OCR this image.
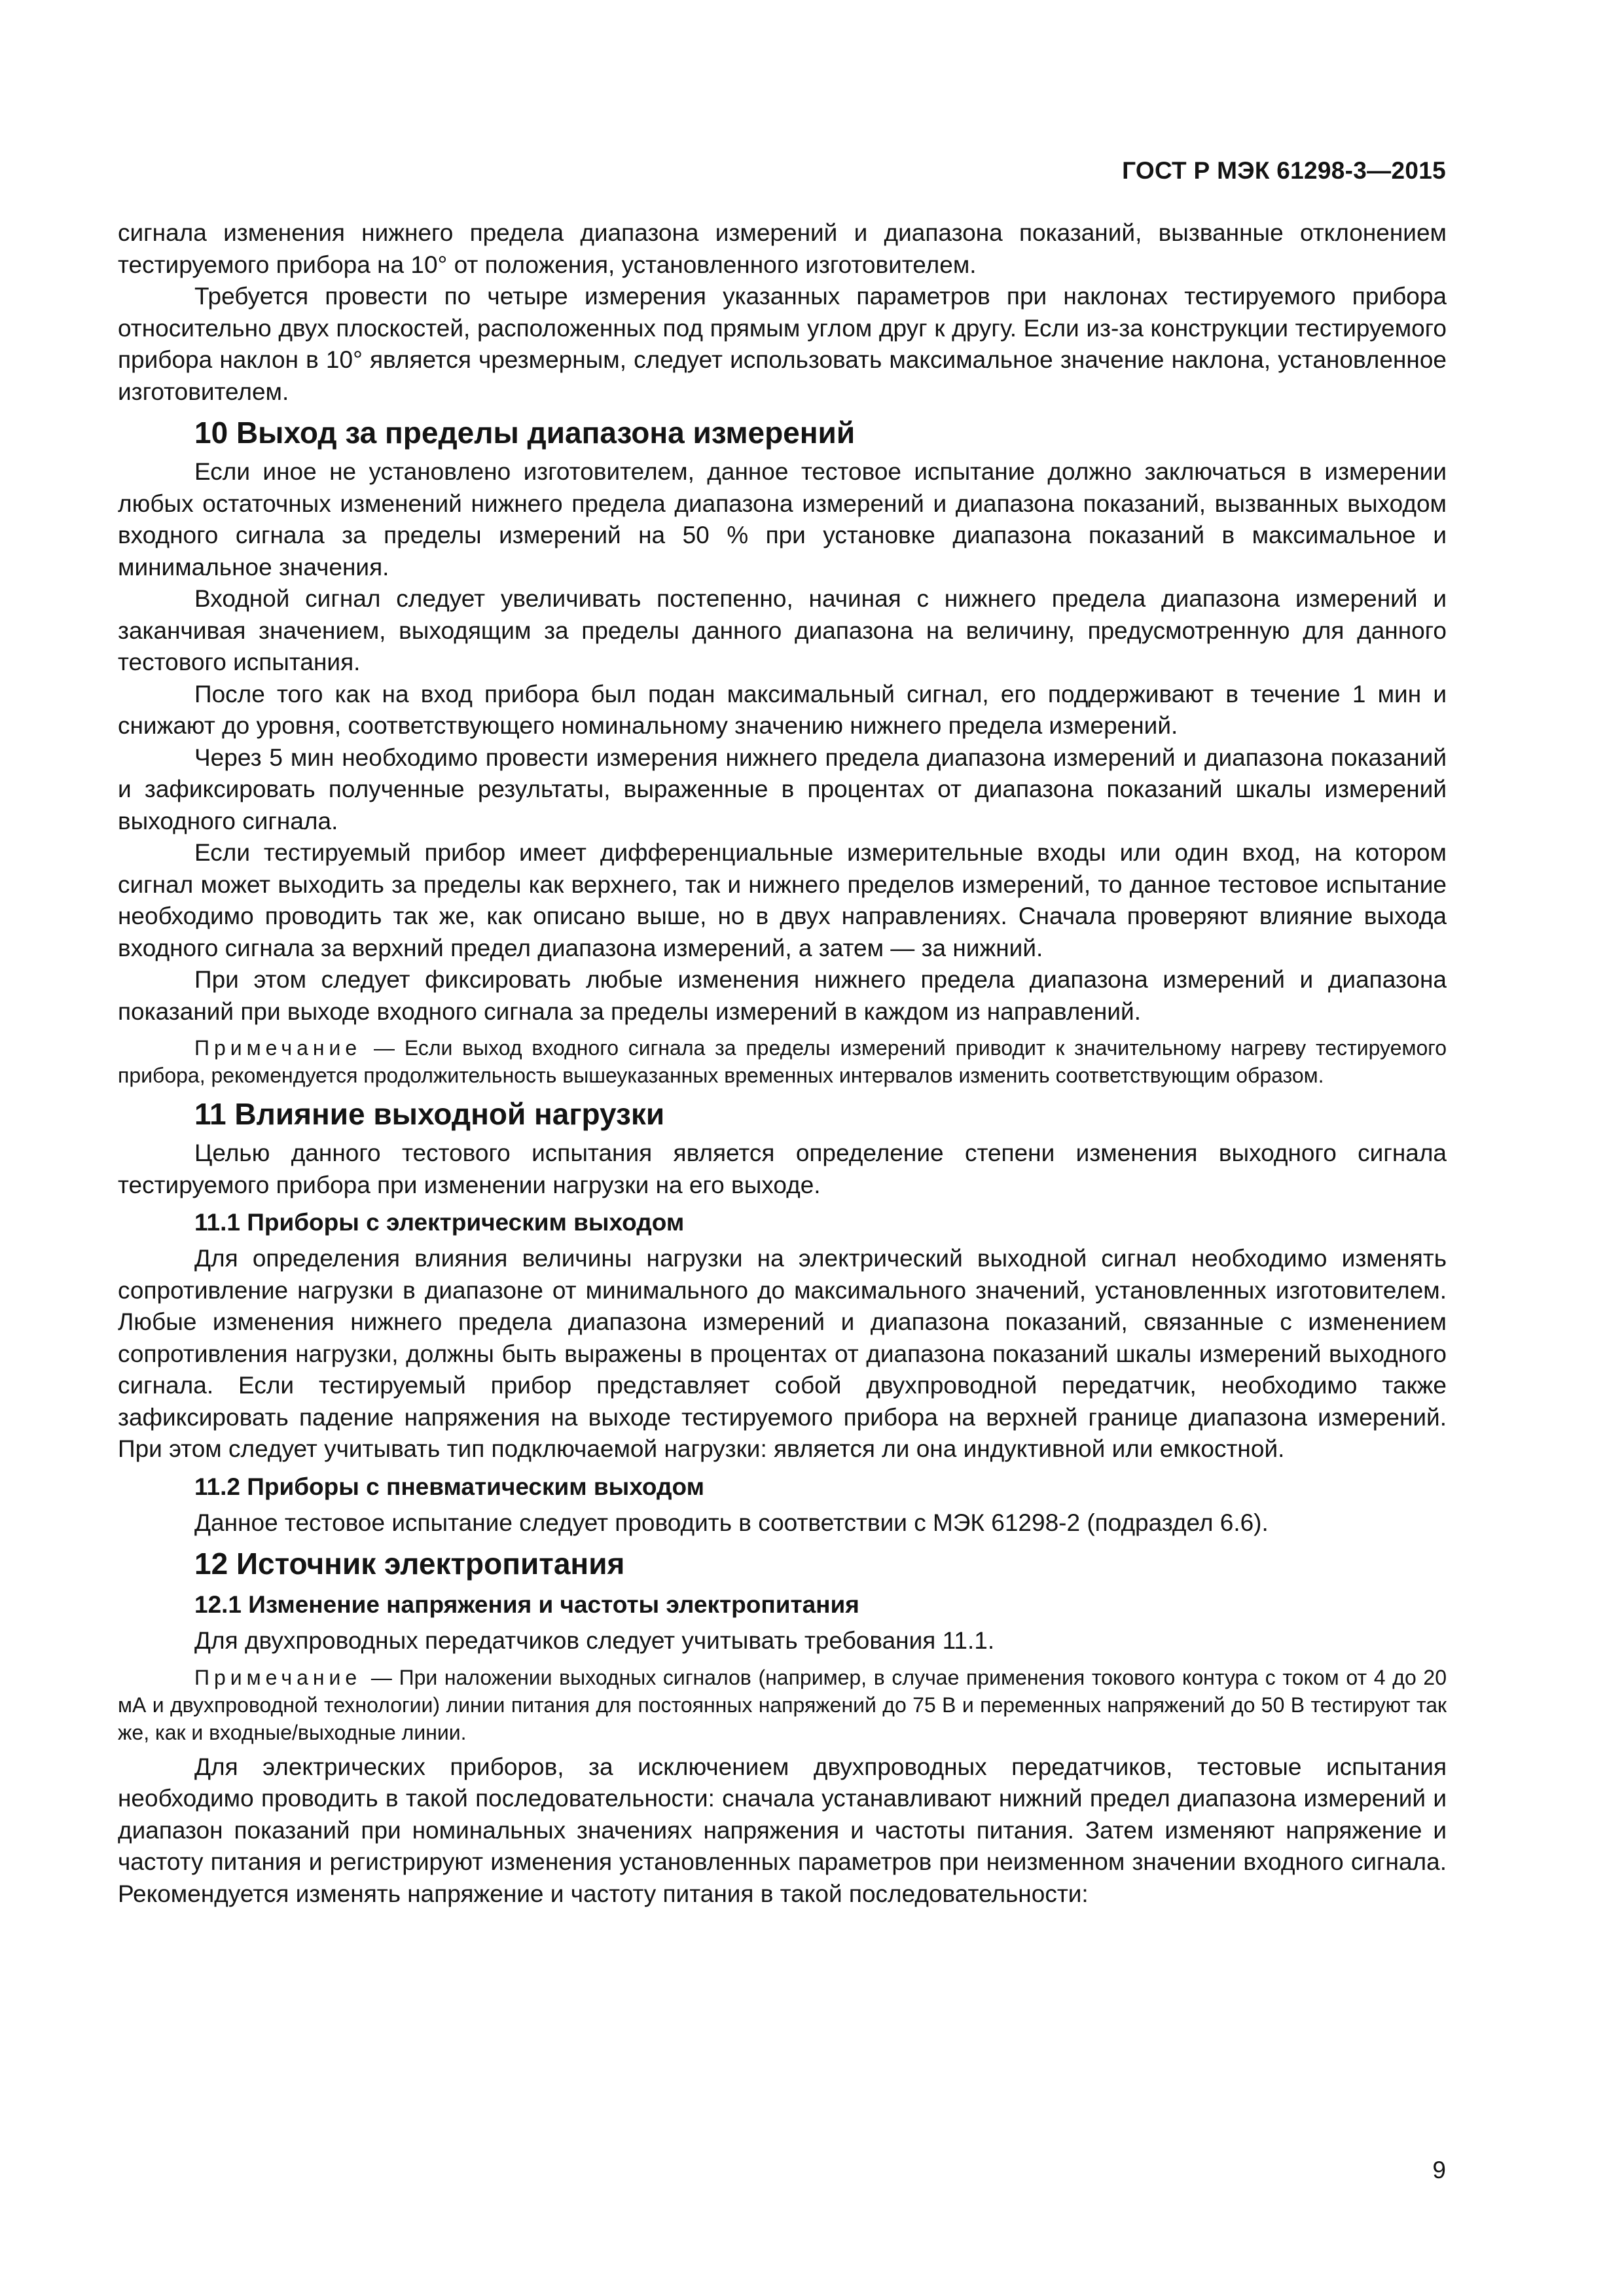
ГОСТ Р МЭК 61298-3—2015

сигнала изменения нижнего предела диапазона измерений и диапазона показаний, вызванные отклонением тестируемого прибора на 10° от положения, установленного изготовителем.

Требуется провести по четыре измерения указанных параметров при наклонах тестируемого прибора относительно двух плоскостей, расположенных под прямым углом друг к другу. Если из-за конструкции тестируемого прибора наклон в 10° является чрезмерным, следует использовать максимальное значение наклона, установленное изготовителем.

10 Выход за пределы диапазона измерений

Если иное не установлено изготовителем, данное тестовое испытание должно заключаться в измерении любых остаточных изменений нижнего предела диапазона измерений и диапазона показаний, вызванных выходом входного сигнала за пределы измерений на 50 % при установке диапазона показаний в максимальное и минимальное значения.

Входной сигнал следует увеличивать постепенно, начиная с нижнего предела диапазона измерений и заканчивая значением, выходящим за пределы данного диапазона на величину, предусмотренную для данного тестового испытания.

После того как на вход прибора был подан максимальный сигнал, его поддерживают в течение 1 мин и снижают до уровня, соответствующего номинальному значению нижнего предела измерений.

Через 5 мин необходимо провести измерения нижнего предела диапазона измерений и диапазона показаний и зафиксировать полученные результаты, выраженные в процентах от диапазона показаний шкалы измерений выходного сигнала.

Если тестируемый прибор имеет дифференциальные измерительные входы или один вход, на котором сигнал может выходить за пределы как верхнего, так и нижнего пределов измерений, то данное тестовое испытание необходимо проводить так же, как описано выше, но в двух направлениях. Сначала проверяют влияние выхода входного сигнала за верхний предел диапазона измерений, а затем — за нижний.

При этом следует фиксировать любые изменения нижнего предела диапазона измерений и диапазона показаний при выходе входного сигнала за пределы измерений в каждом из направлений.

Примечание — Если выход входного сигнала за пределы измерений приводит к значительному нагреву тестируемого прибора, рекомендуется продолжительность вышеуказанных временных интервалов изменить соответствующим образом.

11 Влияние выходной нагрузки

Целью данного тестового испытания является определение степени изменения выходного сигнала тестируемого прибора при изменении нагрузки на его выходе.

11.1 Приборы с электрическим выходом

Для определения влияния величины нагрузки на электрический выходной сигнал необходимо изменять сопротивление нагрузки в диапазоне от минимального до максимального значений, установленных изготовителем. Любые изменения нижнего предела диапазона измерений и диапазона показаний, связанные с изменением сопротивления нагрузки, должны быть выражены в процентах от диапазона показаний шкалы измерений выходного сигнала. Если тестируемый прибор представляет собой двухпроводной передатчик, необходимо также зафиксировать падение напряжения на выходе тестируемого прибора на верхней границе диапазона измерений. При этом следует учитывать тип подключаемой нагрузки: является ли она индуктивной или емкостной.

11.2 Приборы с пневматическим выходом

Данное тестовое испытание следует проводить в соответствии с МЭК 61298-2 (подраздел 6.6).

12 Источник электропитания
12.1 Изменение напряжения и частоты электропитания

Для двухпроводных передатчиков следует учитывать требования 11.1.

Примечание — При наложении выходных сигналов (например, в случае применения токового контура с током от 4 до 20 мА и двухпроводной технологии) линии питания для постоянных напряжений до 75 В и переменных напряжений до 50 В тестируют так же, как и входные/выходные линии.

Для электрических приборов, за исключением двухпроводных передатчиков, тестовые испытания необходимо проводить в такой последовательности: сначала устанавливают нижний предел диапазона измерений и диапазон показаний при номинальных значениях напряжения и частоты питания. Затем изменяют напряжение и частоту питания и регистрируют изменения установленных параметров при неизменном значении входного сигнала. Рекомендуется изменять напряжение и частоту питания в такой последовательности:

9
